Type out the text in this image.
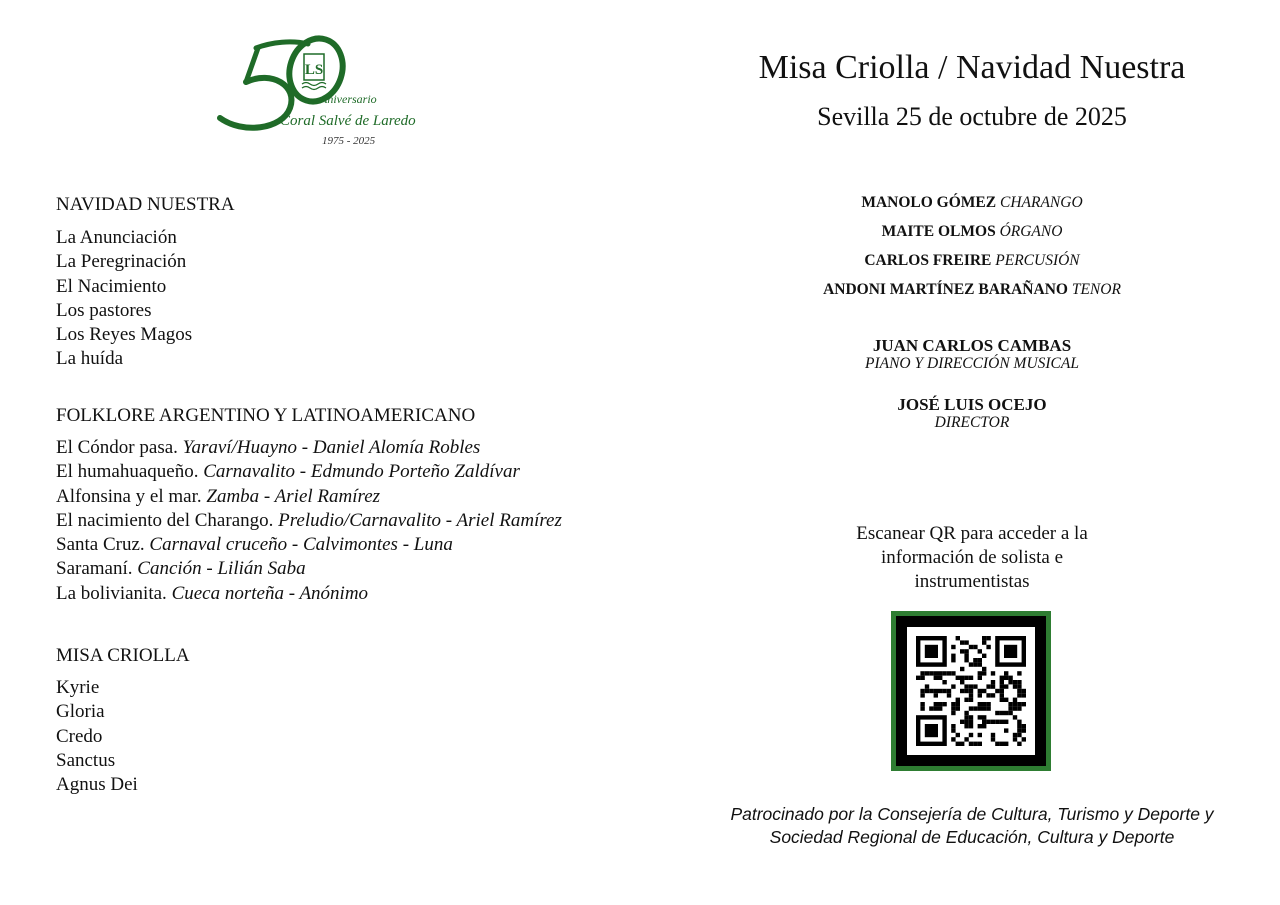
LS
Aniversario
Coral Salvé de Laredo
1975 - 2025
NAVIDAD NUESTRA
La Anunciación
La Peregrinación
El Nacimiento
Los pastores
Los Reyes Magos
La huída
FOLKLORE ARGENTINO Y LATINOAMERICANO
El Cóndor pasa. Yaraví/Huayno - Daniel Alomía Robles
El humahuaqueño. Carnavalito - Edmundo Porteño Zaldívar
Alfonsina y el mar. Zamba - Ariel Ramírez
El nacimiento del Charango. Preludio/Carnavalito - Ariel Ramírez
Santa Cruz. Carnaval cruceño - Calvimontes - Luna
Saramaní. Canción - Lilián Saba
La bolivianita. Cueca norteña - Anónimo
MISA CRIOLLA
Kyrie
Gloria
Credo
Sanctus
Agnus Dei
Misa Criolla / Navidad Nuestra
Sevilla 25 de octubre de 2025
MANOLO GÓMEZ CHARANGO
MAITE OLMOS ÓRGANO
CARLOS FREIRE PERCUSIÓN
ANDONI MARTÍNEZ BARAÑANO TENOR
JUAN CARLOS CAMBAS
PIANO Y DIRECCIÓN MUSICAL
JOSÉ LUIS OCEJO
DIRECTOR
Escanear QR para acceder a la información de solista e instrumentistas
Patrocinado por la Consejería de Cultura, Turismo y Deporte y
Sociedad Regional de Educación, Cultura y Deporte
